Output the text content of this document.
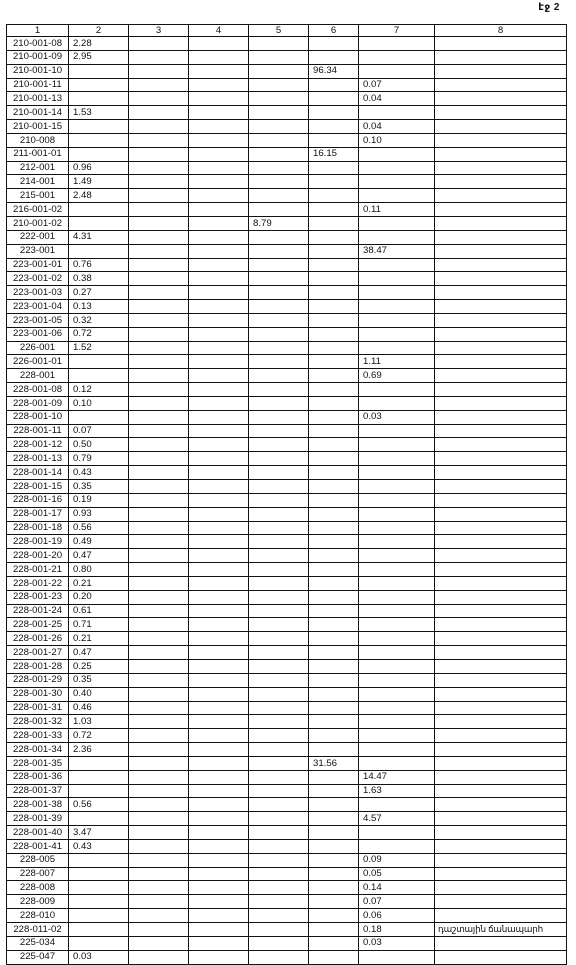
էջ 2
1	2	3	4	5	6	7	8
210-001-08	2.28						
210-001-09	2.95						
210-001-10					96.34		
210-001-11						0.07	
210-001-13						0.04	
210-001-14	1.53						
210-001-15						0.04	
210-008						0.10	
211-001-01					16.15		
212-001	0.96						
214-001	1.49						
215-001	2.48						
216-001-02						0.11	
210-001-02				8.79			
222-001	4.31						
223-001						38.47	
223-001-01	0.76						
223-001-02	0.38						
223-001-03	0.27						
223-001-04	0.13						
223-001-05	0.32						
223-001-06	0.72						
226-001	1.52						
226-001-01						1.11	
228-001						0.69	
228-001-08	0.12						
228-001-09	0.10						
228-001-10						0.03	
228-001-11	0.07						
228-001-12	0.50						
228-001-13	0.79						
228-001-14	0.43						
228-001-15	0.35						
228-001-16	0.19						
228-001-17	0.93						
228-001-18	0.56						
228-001-19	0.49						
228-001-20	0.47						
228-001-21	0.80						
228-001-22	0.21						
228-001-23	0.20						
228-001-24	0.61						
228-001-25	0.71						
228-001-26	0.21						
228-001-27	0.47						
228-001-28	0.25						
228-001-29	0.35						
228-001-30	0.40						
228-001-31	0.46						
228-001-32	1.03						
228-001-33	0.72						
228-001-34	2.36						
228-001-35					31.56		
228-001-36						14.47	
228-001-37						1.63	
228-001-38	0.56						
228-001-39						4.57	
228-001-40	3.47						
228-001-41	0.43						
228-005						0.09	
228-007						0.05	
228-008						0.14	
228-009						0.07	
228-010						0.06	
228-011-02						0.18	դաշտային ճանապարհ
225-034						0.03	
225-047	0.03						
